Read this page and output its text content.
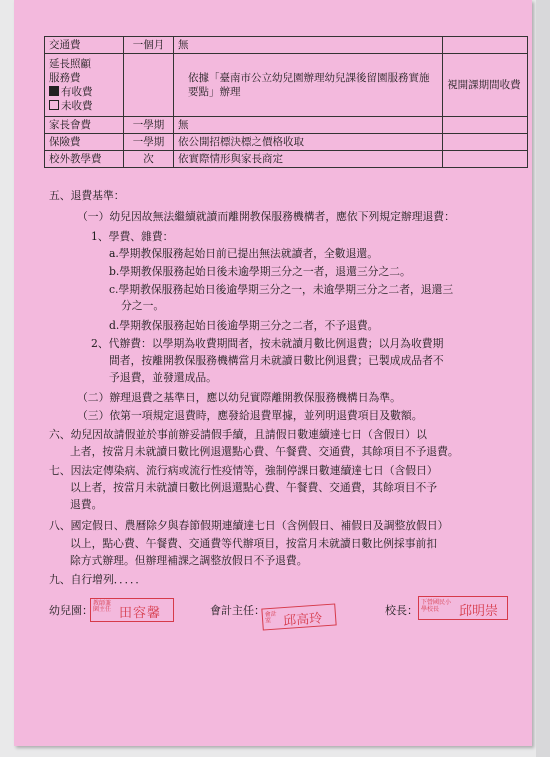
交通費	一個月	無	

延長照顧
服務費
有收費
未收費		依據「臺南市公立幼兒園辦理幼兒課後留園服務實施要點」辦理	視開課期間收費
家長會費	一學期	無	
保險費	一學期	依公開招標決標之價格收取	
校外教學費	次	依實際情形與家長商定	
五、退費基準：
（一）幼兒因故無法繼續就讀而離開教保服務機構者，應依下列規定辦理退費：
1、學費、雜費：
a.學期教保服務起始日前已提出無法就讀者，全數退還。
b.學期教保服務起始日後未逾學期三分之一者，退還三分之二。
c.學期教保服務起始日後逾學期三分之一，未逾學期三分之二者，退還三
分之一。
d.學期教保服務起始日後逾學期三分之二者，不予退費。
2、代辦費：以學期為收費期間者，按未就讀月數比例退費；以月為收費期
間者，按離開教保服務機構當月未就讀日數比例退費；已製成成品者不
予退費，並發還成品。
（二）辦理退費之基準日，應以幼兒實際離開教保服務機構日為準。
（三）依第一項規定退費時，應發給退費單據，並列明退費項目及數額。
六、幼兒因故請假並於事前辦妥請假手續，且請假日數連續達七日（含假日）以
上者，按當月未就讀日數比例退還點心費、午餐費、交通費，其餘項目不予退費。
七、因法定傳染病、流行病或流行性疫情等，強制停課日數連續達七日（含假日）
以上者，按當月未就讀日數比例退還點心費、午餐費、交通費，其餘項目不予
退費。
八、國定假日、農曆除夕與春節假期連續達七日（含例假日、補假日及調整放假日）
以上，點心費、午餐費、交通費等代辦項目，按當月未就讀日數比例採事前扣
除方式辦理。但辦理補課之調整放假日不予退費。
九、自行增列．．．．．
幼兒園：
教師兼園主任 田容馨	會計主任： 會計室 邱高玲
校長：
下營國民小學校長	邱明崇
